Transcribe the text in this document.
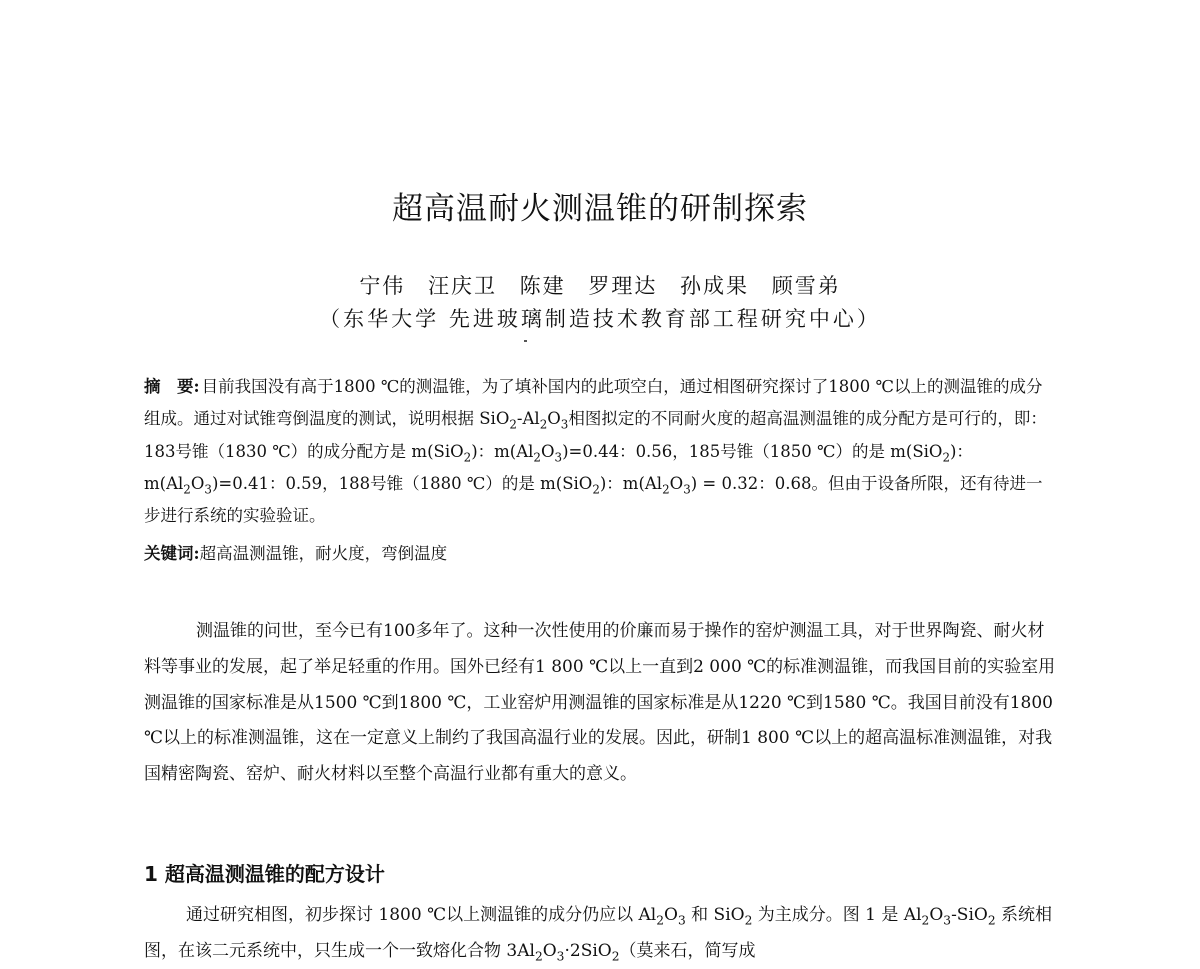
超高温耐火测温锥的研制探索
宁伟 汪庆卫 陈建 罗理达 孙成果 顾雪弟
（东华大学 先进玻璃制造技术教育部工程研究中心）
摘　要: 目前我国没有高于1800 ℃的测温锥，为了填补国内的此项空白，通过相图研究探讨了1800 ℃以上的测温锥的成分组成。通过对试锥弯倒温度的测试，说明根据 $SiO_2-Al_2O_3$相图拟定的不同耐火度的超高温测温锥的成分配方是可行的，即：183号锥（1830 ℃）的成分配方是 m(SiO$_2$)：$m(Al_2O_3)=0.44$：0.56，185号锥（1850 ℃）的是 m(SiO$_2$)：$m(Al_2O_3)=0.41$：0.59，188号锥（1880 ℃）的是 m(SiO$_2$)：$m(Al_2O_3) = 0.32$：0.68。但由于设备所限，还有待进一步进行系统的实验验证。
关键词:超高温测温锥，耐火度，弯倒温度

测温锥的问世，至今已有100多年了。这种一次性使用的价廉而易于操作的窑炉测温工具，对于世界陶瓷、耐火材料等事业的发展，起了举足轻重的作用。国外已经有1 800 ℃以上一直到2 000 ℃的标准测温锥，而我国目前的实验室用测温锥的国家标准是从1500 ℃到1800 ℃，工业窑炉用测温锥的国家标准是从1220 ℃到1580 ℃。我国目前没有1800 ℃以上的标准测温锥，这在一定意义上制约了我国高温行业的发展。因此，研制1 800 ℃以上的超高温标准测温锥，对我国精密陶瓷、窑炉、耐火材料以至整个高温行业都有重大的意义。

1 超高温测温锥的配方设计

通过研究相图，初步探讨 1800 ℃以上测温锥的成分仍应以 $Al_2O_3$ 和 SiO$_2$ 为主成分。图 1 是 $Al_2O_3-SiO_2$ 系统相图，在该二元系统中，只生成一个一致熔化合物 $3Al_2O_3\cdot 2SiO_2$（莫来石，简写成
